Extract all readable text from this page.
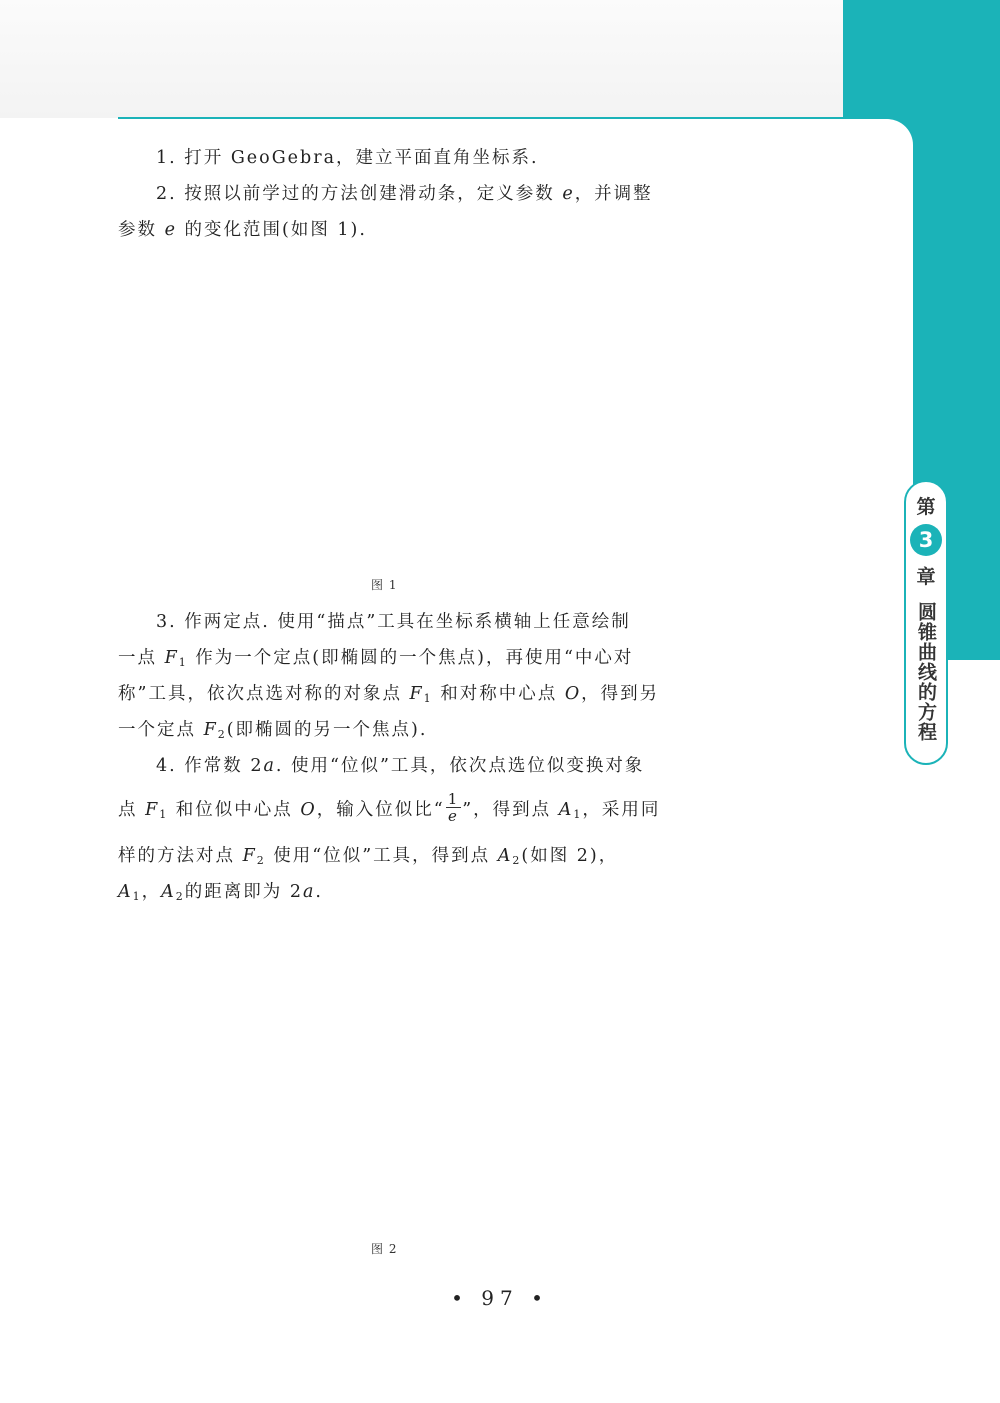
1. 打开 GeoGebra，建立平面直角坐标系.
2. 按照以前学过的方法创建滑动条，定义参数 e，并调整
参数 e 的变化范围(如图 1).
图 1
3. 作两定点. 使用“描点”工具在坐标系横轴上任意绘制
一点 $F_1$ 作为一个定点(即椭圆的一个焦点)，再使用“中心对
称”工具，依次点选对称的对象点 $F_1$ 和对称中心点 O，得到另
一个定点 $F_2$(即椭圆的另一个焦点).
4. 作常数 2a. 使用“位似”工具，依次点选位似变换对象
点 $F_1$ 和位似中心点 O，输入位似比“ $\frac{1}{e}$ ”，得到点 $A_1$，采用同
样的方法对点 $F_2$ 使用“位似”工具，得到点 $A_2$(如图 2)，
$A_1$，$A_2$的距离即为 2a.
图 2
第
3
章
圆锥曲线的方程
• 97 •
